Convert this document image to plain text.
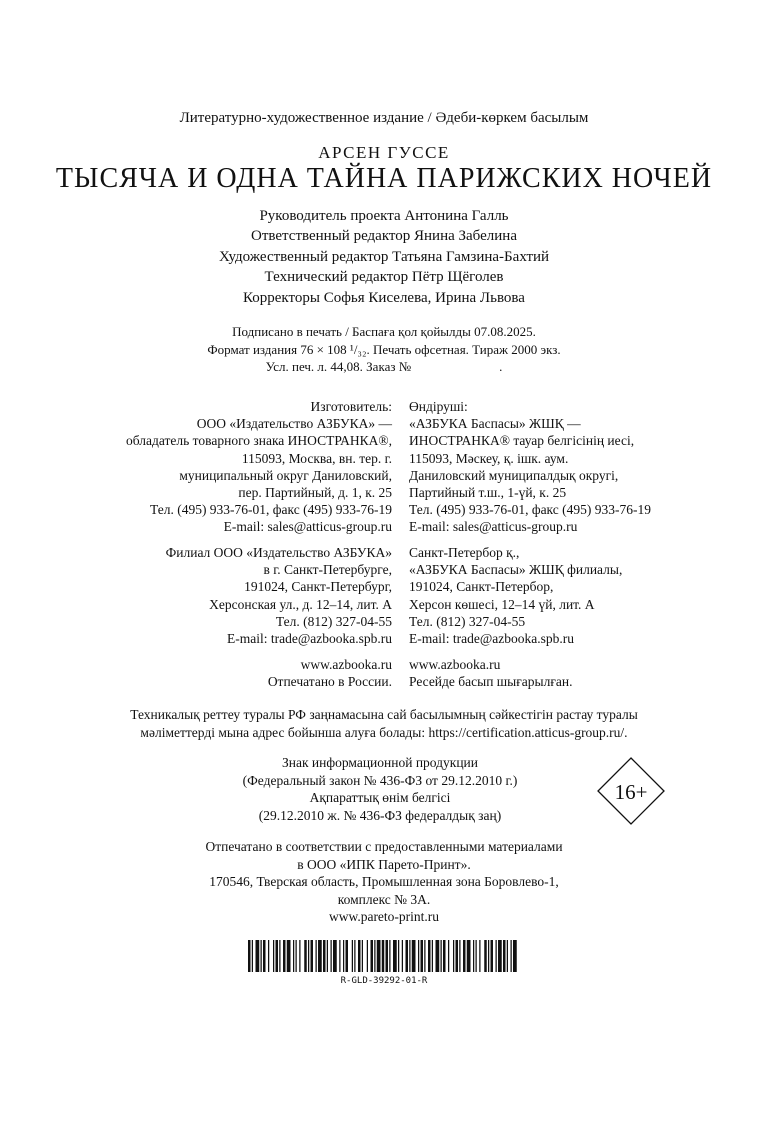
Литературно-художественное издание / Әдеби-көркем басылым
АРСЕН ГУССЕ
ТЫСЯЧА И ОДНА ТАЙНА ПАРИЖСКИХ НОЧЕЙ
Руководитель проекта Антонина Галль
Ответственный редактор Янина Забелина
Художественный редактор Татьяна Гамзина-Бахтий
Технический редактор Пётр Щёголев
Корректоры Софья Киселева, Ирина Львова
Подписано в печать / Баспаға қол қойылды 07.08.2025.
Формат издания 76 × 108 ¹/₃₂. Печать офсетная. Тираж 2000 экз.
Усл. печ. л. 44,08. Заказ №	.
Изготовитель:
ООО «Издательство АЗБУКА» —
обладатель товарного знака ИНОСТРАНКА®,
115093, Москва, вн. тер. г.
муниципальный округ Даниловский,
пер. Партийный, д. 1, к. 25
Тел. (495) 933-76-01, факс (495) 933-76-19
E-mail: sales@atticus-group.ru
Өндіруші:
«АЗБУКА Баспасы» ЖШҚ —
ИНОСТРАНКА® тауар белгісінің иесі,
115093, Мәскеу, қ. ішк. аум.
Даниловский муниципалдық округі,
Партийный т.ш., 1-үй, к. 25
Тел. (495) 933-76-01, факс (495) 933-76-19
E-mail: sales@atticus-group.ru
Филиал ООО «Издательство АЗБУКА»
в г. Санкт-Петербурге,
191024, Санкт-Петербург,
Херсонская ул., д. 12–14, лит. А
Тел. (812) 327-04-55
E-mail: trade@azbooka.spb.ru
Санкт-Петербор қ.,
«АЗБУКА Баспасы» ЖШҚ филиалы,
191024, Санкт-Петербор,
Херсон көшесі, 12–14 үй, лит. А
Тел. (812) 327-04-55
E-mail: trade@azbooka.spb.ru
www.azbooka.ru
Отпечатано в России.
www.azbooka.ru
Ресейде басып шығарылған.
Техникалық реттеу туралы РФ заңнамасына сай басылымның сәйкестігін растау туралы
мәліметтерді мына адрес бойынша алуға болады: https://certification.atticus-group.ru/.
Знак информационной продукции
(Федеральный закон № 436-ФЗ от 29.12.2010 г.)
Ақпараттық өнім белгісі
(29.12.2010 ж. № 436-ФЗ федералдық заң)
16+
Отпечатано в соответствии с предоставленными материалами
в ООО «ИПК Парето-Принт».
170546, Тверская область, Промышленная зона Боровлево-1,
комплекс № 3А.
www.pareto-print.ru
R-GLD-39292-01-R
